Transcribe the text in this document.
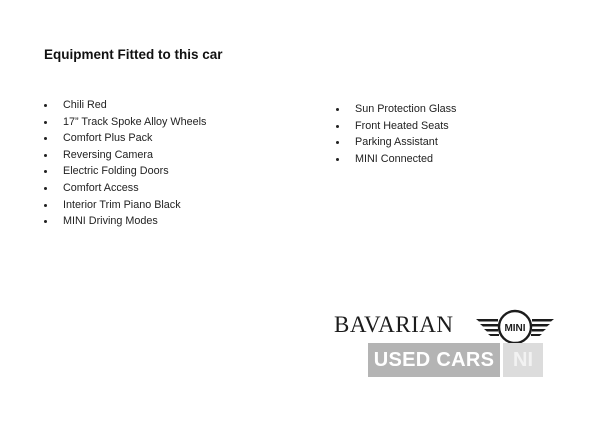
Equipment Fitted to this car
Chili Red
17” Track Spoke Alloy Wheels
Comfort Plus Pack
Reversing Camera
Electric Folding Doors
Comfort Access
Interior Trim Piano Black
MINI Driving Modes
Sun Protection Glass
Front Heated Seats
Parking Assistant
MINI Connected
BAVARIAN	MINI
USED CARS NI
